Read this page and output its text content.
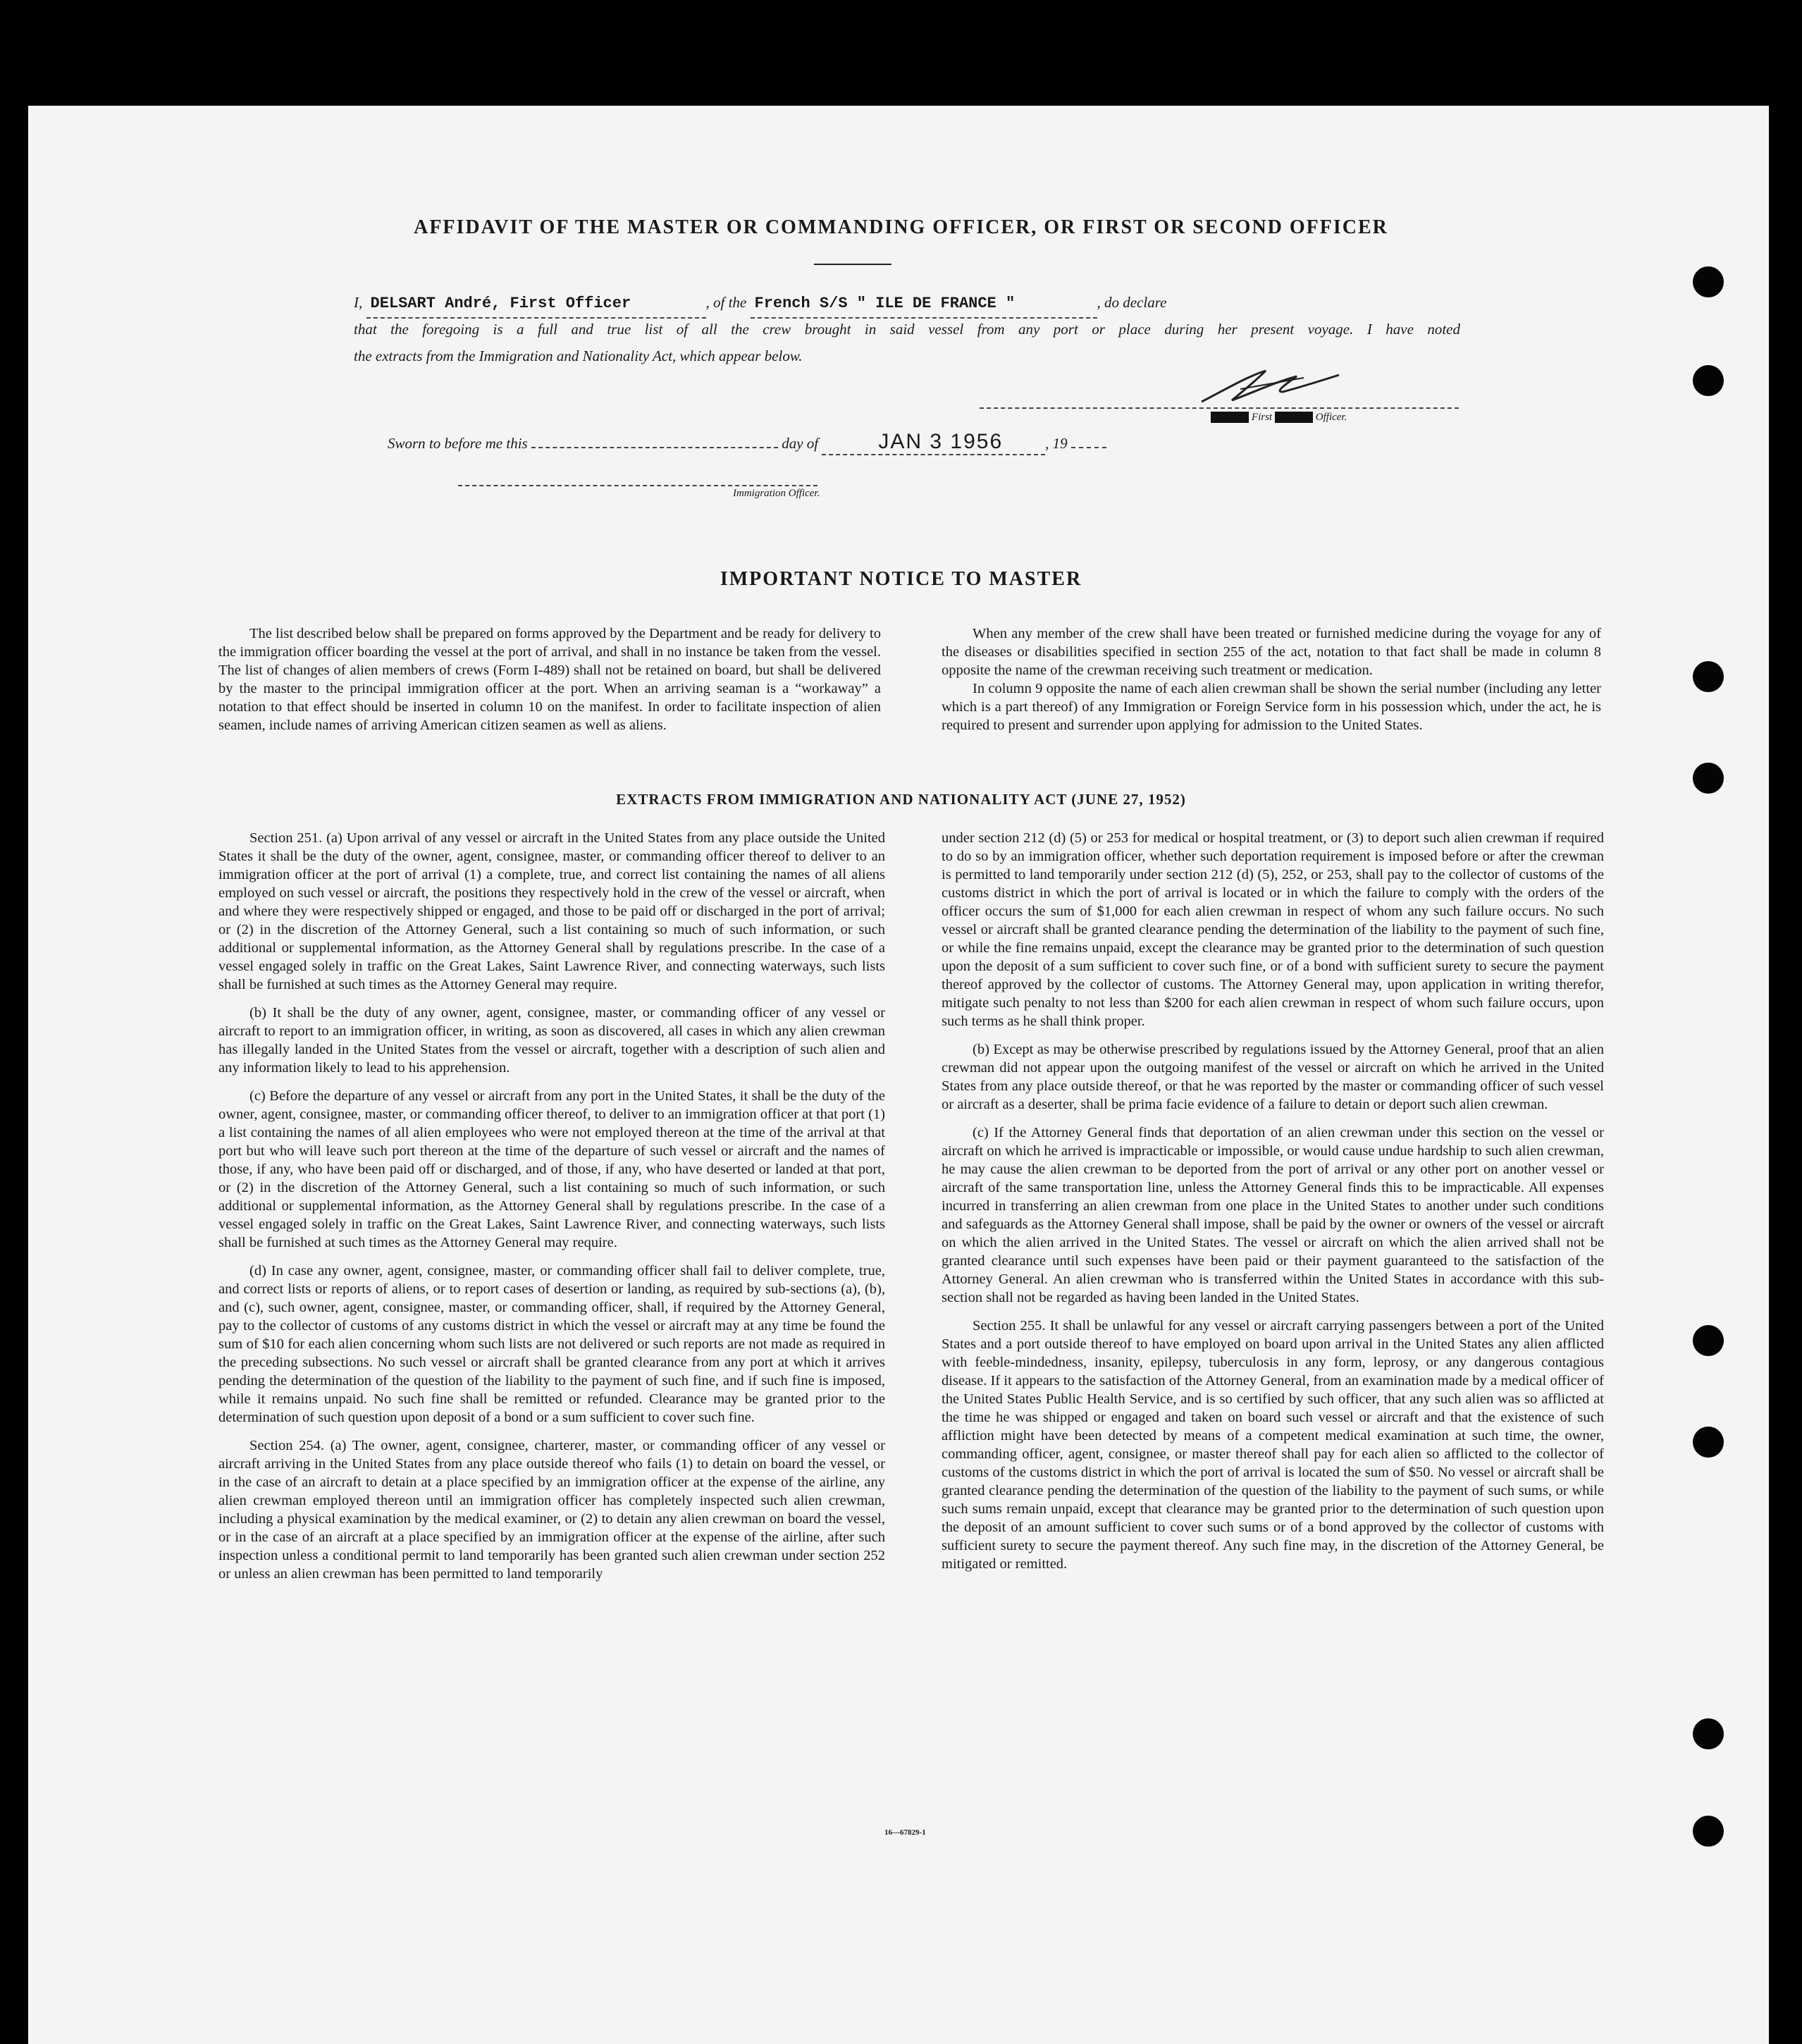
AFFIDAVIT OF THE MASTER OR COMMANDING OFFICER, OR FIRST OR SECOND OFFICER
I, DELSART André, First Officer	, of the French S/S " ILE DE FRANCE "	, do declare
that the foregoing is a full and true list of all the crew brought in said vessel from any port or place during her present voyage. I have noted
the extracts from the Immigration and Nationality Act, which appear below.
XXXXX First XXXXX Officer.
Sworn to before me this	day of	JAN 3 1956	, 19
Immigration Officer.
IMPORTANT NOTICE TO MASTER

The list described below shall be prepared on forms approved by the Department and be ready for delivery to the immigration officer boarding the vessel at the port of arrival, and shall in no instance be taken from the vessel. The list of changes of alien members of crews (Form I-489) shall not be retained on board, but shall be delivered by the master to the principal immigration officer at the port. When an arriving seaman is a “workaway” a notation to that effect should be inserted in column 10 on the manifest. In order to facilitate inspection of alien seamen, include names of arriving American citizen seamen as well as aliens.

When any member of the crew shall have been treated or furnished medicine during the voyage for any of the diseases or disabilities specified in section 255 of the act, notation to that fact shall be made in column 8 opposite the name of the crewman receiving such treatment or medication.

In column 9 opposite the name of each alien crewman shall be shown the serial number (including any letter which is a part thereof) of any Immigration or Foreign Service form in his possession which, under the act, he is required to present and surrender upon applying for admission to the United States.

EXTRACTS FROM IMMIGRATION AND NATIONALITY ACT (JUNE 27, 1952)

Section 251. (a) Upon arrival of any vessel or aircraft in the United States from any place outside the United States it shall be the duty of the owner, agent, consignee, master, or commanding officer thereof to deliver to an immigration officer at the port of arrival (1) a complete, true, and correct list containing the names of all aliens employed on such vessel or aircraft, the positions they respectively hold in the crew of the vessel or aircraft, when and where they were respectively shipped or engaged, and those to be paid off or discharged in the port of arrival; or (2) in the discretion of the Attorney General, such a list containing so much of such information, or such additional or supplemental information, as the Attorney General shall by regulations prescribe. In the case of a vessel engaged solely in traffic on the Great Lakes, Saint Lawrence River, and connecting waterways, such lists shall be furnished at such times as the Attorney General may require.

(b) It shall be the duty of any owner, agent, consignee, master, or commanding officer of any vessel or aircraft to report to an immigration officer, in writing, as soon as discovered, all cases in which any alien crewman has illegally landed in the United States from the vessel or aircraft, together with a description of such alien and any information likely to lead to his apprehension.

(c) Before the departure of any vessel or aircraft from any port in the United States, it shall be the duty of the owner, agent, consignee, master, or commanding officer thereof, to deliver to an immigration officer at that port (1) a list containing the names of all alien employees who were not employed thereon at the time of the arrival at that port but who will leave such port thereon at the time of the departure of such vessel or aircraft and the names of those, if any, who have been paid off or discharged, and of those, if any, who have deserted or landed at that port, or (2) in the discretion of the Attorney General, such a list containing so much of such information, or such additional or supplemental information, as the Attorney General shall by regulations prescribe. In the case of a vessel engaged solely in traffic on the Great Lakes, Saint Lawrence River, and connecting waterways, such lists shall be furnished at such times as the Attorney General may require.

(d) In case any owner, agent, consignee, master, or commanding officer shall fail to deliver complete, true, and correct lists or reports of aliens, or to report cases of desertion or landing, as required by sub-sections (a), (b), and (c), such owner, agent, consignee, master, or commanding officer, shall, if required by the Attorney General, pay to the collector of customs of any customs district in which the vessel or aircraft may at any time be found the sum of $10 for each alien concerning whom such lists are not delivered or such reports are not made as required in the preceding subsections. No such vessel or aircraft shall be granted clearance from any port at which it arrives pending the determination of the question of the liability to the payment of such fine, and if such fine is imposed, while it remains unpaid. No such fine shall be remitted or refunded. Clearance may be granted prior to the determination of such question upon deposit of a bond or a sum sufficient to cover such fine.

Section 254. (a) The owner, agent, consignee, charterer, master, or commanding officer of any vessel or aircraft arriving in the United States from any place outside thereof who fails (1) to detain on board the vessel, or in the case of an aircraft to detain at a place specified by an immigration officer at the expense of the airline, any alien crewman employed thereon until an immigration officer has completely inspected such alien crewman, including a physical examination by the medical examiner, or (2) to detain any alien crewman on board the vessel, or in the case of an aircraft at a place specified by an immigration officer at the expense of the airline, after such inspection unless a conditional permit to land temporarily has been granted such alien crewman under section 252 or unless an alien crewman has been permitted to land temporarily

under section 212 (d) (5) or 253 for medical or hospital treatment, or (3) to deport such alien crewman if required to do so by an immigration officer, whether such deportation requirement is imposed before or after the crewman is permitted to land temporarily under section 212 (d) (5), 252, or 253, shall pay to the collector of customs of the customs district in which the port of arrival is located or in which the failure to comply with the orders of the officer occurs the sum of $1,000 for each alien crewman in respect of whom any such failure occurs. No such vessel or aircraft shall be granted clearance pending the determination of the liability to the payment of such fine, or while the fine remains unpaid, except the clearance may be granted prior to the determination of such question upon the deposit of a sum sufficient to cover such fine, or of a bond with sufficient surety to secure the payment thereof approved by the collector of customs. The Attorney General may, upon application in writing therefor, mitigate such penalty to not less than $200 for each alien crewman in respect of whom such failure occurs, upon such terms as he shall think proper.

(b) Except as may be otherwise prescribed by regulations issued by the Attorney General, proof that an alien crewman did not appear upon the outgoing manifest of the vessel or aircraft on which he arrived in the United States from any place outside thereof, or that he was reported by the master or commanding officer of such vessel or aircraft as a deserter, shall be prima facie evidence of a failure to detain or deport such alien crewman.

(c) If the Attorney General finds that deportation of an alien crewman under this section on the vessel or aircraft on which he arrived is impracticable or impossible, or would cause undue hardship to such alien crewman, he may cause the alien crewman to be deported from the port of arrival or any other port on another vessel or aircraft of the same transportation line, unless the Attorney General finds this to be impracticable. All expenses incurred in transferring an alien crewman from one place in the United States to another under such conditions and safeguards as the Attorney General shall impose, shall be paid by the owner or owners of the vessel or aircraft on which the alien arrived in the United States. The vessel or aircraft on which the alien arrived shall not be granted clearance until such expenses have been paid or their payment guaranteed to the satisfaction of the Attorney General. An alien crewman who is transferred within the United States in accordance with this sub-section shall not be regarded as having been landed in the United States.

Section 255. It shall be unlawful for any vessel or aircraft carrying passengers between a port of the United States and a port outside thereof to have employed on board upon arrival in the United States any alien afflicted with feeble-mindedness, insanity, epilepsy, tuberculosis in any form, leprosy, or any dangerous contagious disease. If it appears to the satisfaction of the Attorney General, from an examination made by a medical officer of the United States Public Health Service, and is so certified by such officer, that any such alien was so afflicted at the time he was shipped or engaged and taken on board such vessel or aircraft and that the existence of such affliction might have been detected by means of a competent medical examination at such time, the owner, commanding officer, agent, consignee, or master thereof shall pay for each alien so afflicted to the collector of customs of the customs district in which the port of arrival is located the sum of $50. No vessel or aircraft shall be granted clearance pending the determination of the question of the liability to the payment of such sums, or while such sums remain unpaid, except that clearance may be granted prior to the determination of such question upon the deposit of an amount sufficient to cover such sums or of a bond approved by the collector of customs with sufficient surety to secure the payment thereof. Any such fine may, in the discretion of the Attorney General, be mitigated or remitted.

16—67829-1
